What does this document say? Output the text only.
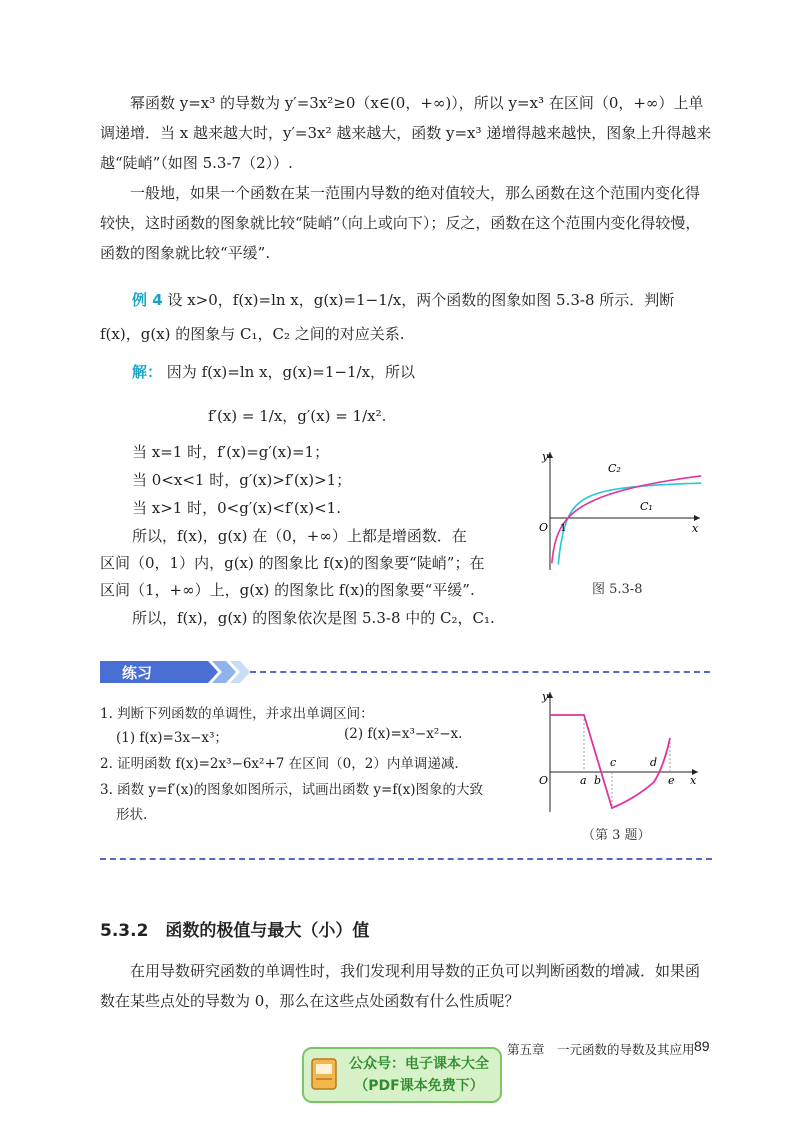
幂函数 y=x³ 的导数为 y′=3x²≥0（x∈(0，+∞)），所以 y=x³ 在区间（0，+∞）上单调递增．当 x 越来越大时，y′=3x² 越来越大，函数 y=x³ 递增得越来越快，图象上升得越来越“陡峭”（如图 5.3-7（2））.

一般地，如果一个函数在某一范围内导数的绝对值较大，那么函数在这个范围内变化得较快，这时函数的图象就比较“陡峭”（向上或向下）；反之，函数在这个范围内变化得较慢，函数的图象就比较“平缓”.

例 4 设 x>0，f(x)=ln x，g(x)=1−1/x，两个函数的图象如图 5.3-8 所示．判断
f(x)，g(x) 的图象与 C₁，C₂ 之间的对应关系.
解： 因为 f(x)=ln x，g(x)=1−1/x，所以
f′(x) = 1/x，g′(x) = 1/x².
当 x=1 时，f′(x)=g′(x)=1；
当 0<x<1 时，g′(x)>f′(x)>1；
当 x>1 时，0<g′(x)<f′(x)<1.
所以，f(x)，g(x) 在（0，+∞）上都是增函数．在
区间（0，1）内，g(x) 的图象比 f(x)的图象要“陡峭”；在
区间（1，+∞）上，g(x) 的图象比 f(x)的图象要“平缓”.
所以，f(x)，g(x) 的图象依次是图 5.3-8 中的 C₂，C₁.
y
x
O 1
C₂
C₁
图 5.3-8
练习
1. 判断下列函数的单调性，并求出单调区间：
(1) f(x)=3x−x³；	(2) f(x)=x³−x²−x.
2. 证明函数 f(x)=2x³−6x²+7 在区间（0，2）内单调递减.
3. 函数 y=f′(x)的图象如图所示，试画出函数 y=f(x)图象的大致
形状.
y
x
O	a b
c	d
e
（第 3 题）
5.3.2　函数的极值与最大（小）值

在用导数研究函数的单调性时，我们发现利用导数的正负可以判断函数的增减．如果函数在某些点处的导数为 0，那么在这些点处函数有什么性质呢？

第五章　一元函数的导数及其应用 89
公众号：电子课本大全
（PDF课本免费下）
